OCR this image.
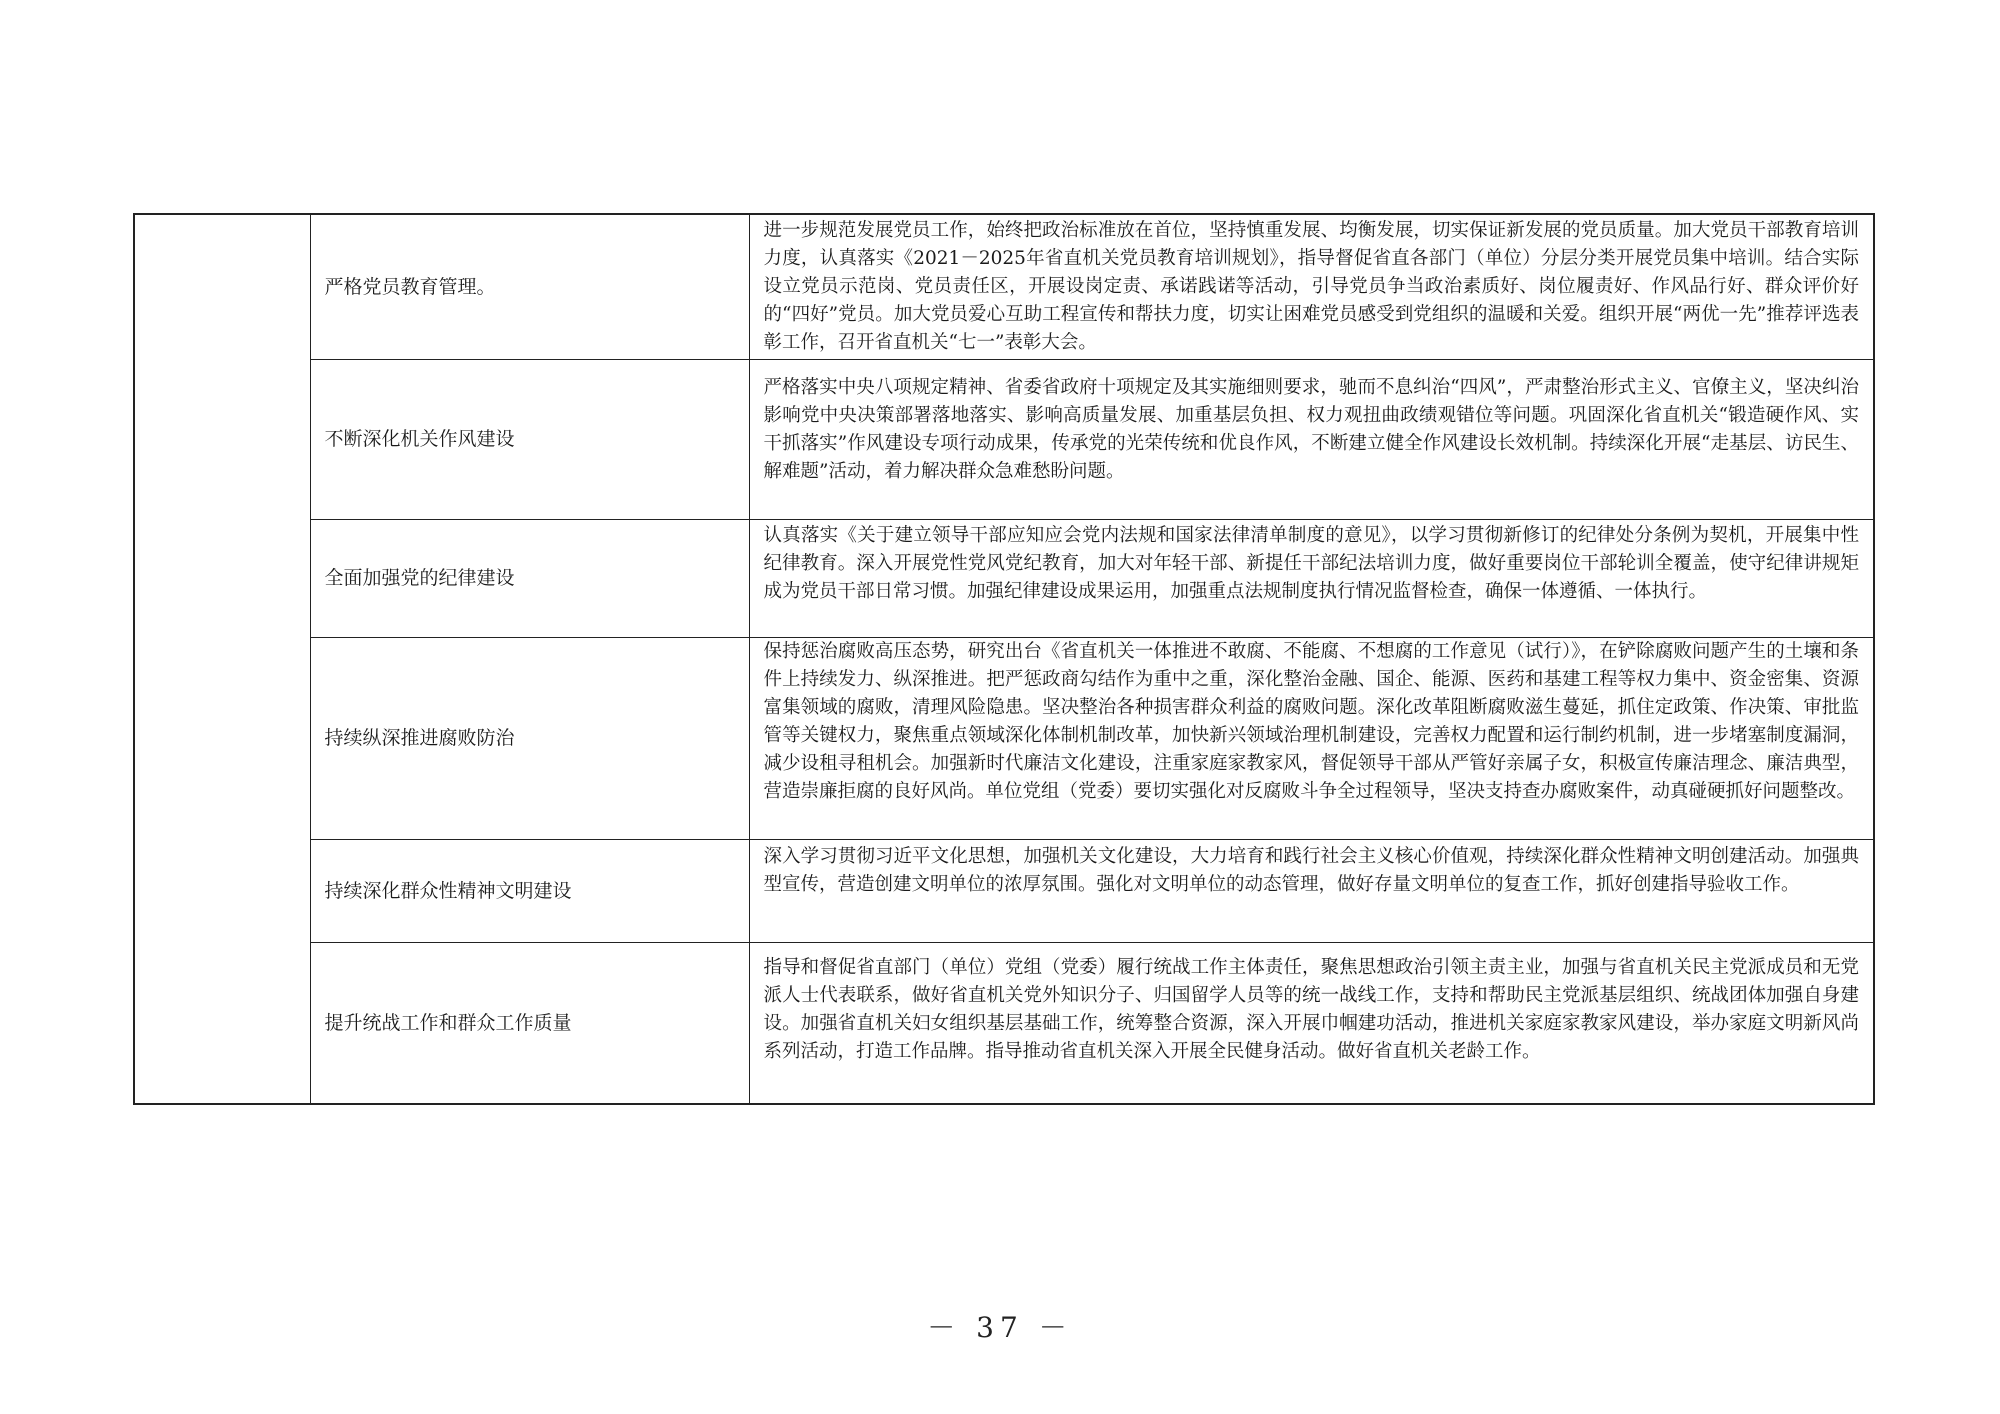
	严格党员教育管理。	进一步规范发展党员工作，始终把政治标准放在首位，坚持慎重发展、均衡发展，切实保证新发展的党员质量。加大党员干部教育培训力度，认真落实《2021－2025年省直机关党员教育培训规划》，指导督促省直各部门（单位）分层分类开展党员集中培训。结合实际设立党员示范岗、党员责任区，开展设岗定责、承诺践诺等活动，引导党员争当政治素质好、岗位履责好、作风品行好、群众评价好的“四好”党员。加大党员爱心互助工程宣传和帮扶力度，切实让困难党员感受到党组织的温暖和关爱。组织开展“两优一先”推荐评选表彰工作，召开省直机关“七一”表彰大会。
	不断深化机关作风建设	严格落实中央八项规定精神、省委省政府十项规定及其实施细则要求，驰而不息纠治“四风”，严肃整治形式主义、官僚主义，坚决纠治影响党中央决策部署落地落实、影响高质量发展、加重基层负担、权力观扭曲政绩观错位等问题。巩固深化省直机关“锻造硬作风、实干抓落实”作风建设专项行动成果，传承党的光荣传统和优良作风，不断建立健全作风建设长效机制。持续深化开展“走基层、访民生、解难题”活动，着力解决群众急难愁盼问题。
	全面加强党的纪律建设	认真落实《关于建立领导干部应知应会党内法规和国家法律清单制度的意见》，以学习贯彻新修订的纪律处分条例为契机，开展集中性纪律教育。深入开展党性党风党纪教育，加大对年轻干部、新提任干部纪法培训力度，做好重要岗位干部轮训全覆盖，使守纪律讲规矩成为党员干部日常习惯。加强纪律建设成果运用，加强重点法规制度执行情况监督检查，确保一体遵循、一体执行。
	持续纵深推进腐败防治	保持惩治腐败高压态势，研究出台《省直机关一体推进不敢腐、不能腐、不想腐的工作意见（试行）》，在铲除腐败问题产生的土壤和条件上持续发力、纵深推进。把严惩政商勾结作为重中之重，深化整治金融、国企、能源、医药和基建工程等权力集中、资金密集、资源富集领域的腐败，清理风险隐患。坚决整治各种损害群众利益的腐败问题。深化改革阻断腐败滋生蔓延，抓住定政策、作决策、审批监管等关键权力，聚焦重点领域深化体制机制改革，加快新兴领域治理机制建设，完善权力配置和运行制约机制，进一步堵塞制度漏洞，减少设租寻租机会。加强新时代廉洁文化建设，注重家庭家教家风，督促领导干部从严管好亲属子女，积极宣传廉洁理念、廉洁典型，营造崇廉拒腐的良好风尚。单位党组（党委）要切实强化对反腐败斗争全过程领导，坚决支持查办腐败案件，动真碰硬抓好问题整改。
	持续深化群众性精神文明建设	深入学习贯彻习近平文化思想，加强机关文化建设，大力培育和践行社会主义核心价值观，持续深化群众性精神文明创建活动。加强典型宣传，营造创建文明单位的浓厚氛围。强化对文明单位的动态管理，做好存量文明单位的复查工作，抓好创建指导验收工作。
	提升统战工作和群众工作质量	指导和督促省直部门（单位）党组（党委）履行统战工作主体责任，聚焦思想政治引领主责主业，加强与省直机关民主党派成员和无党派人士代表联系，做好省直机关党外知识分子、归国留学人员等的统一战线工作，支持和帮助民主党派基层组织、统战团体加强自身建设。加强省直机关妇女组织基层基础工作，统筹整合资源，深入开展巾帼建功活动，推进机关家庭家教家风建设，举办家庭文明新风尚系列活动，打造工作品牌。指导推动省直机关深入开展全民健身活动。做好省直机关老龄工作。
－ 37 －
